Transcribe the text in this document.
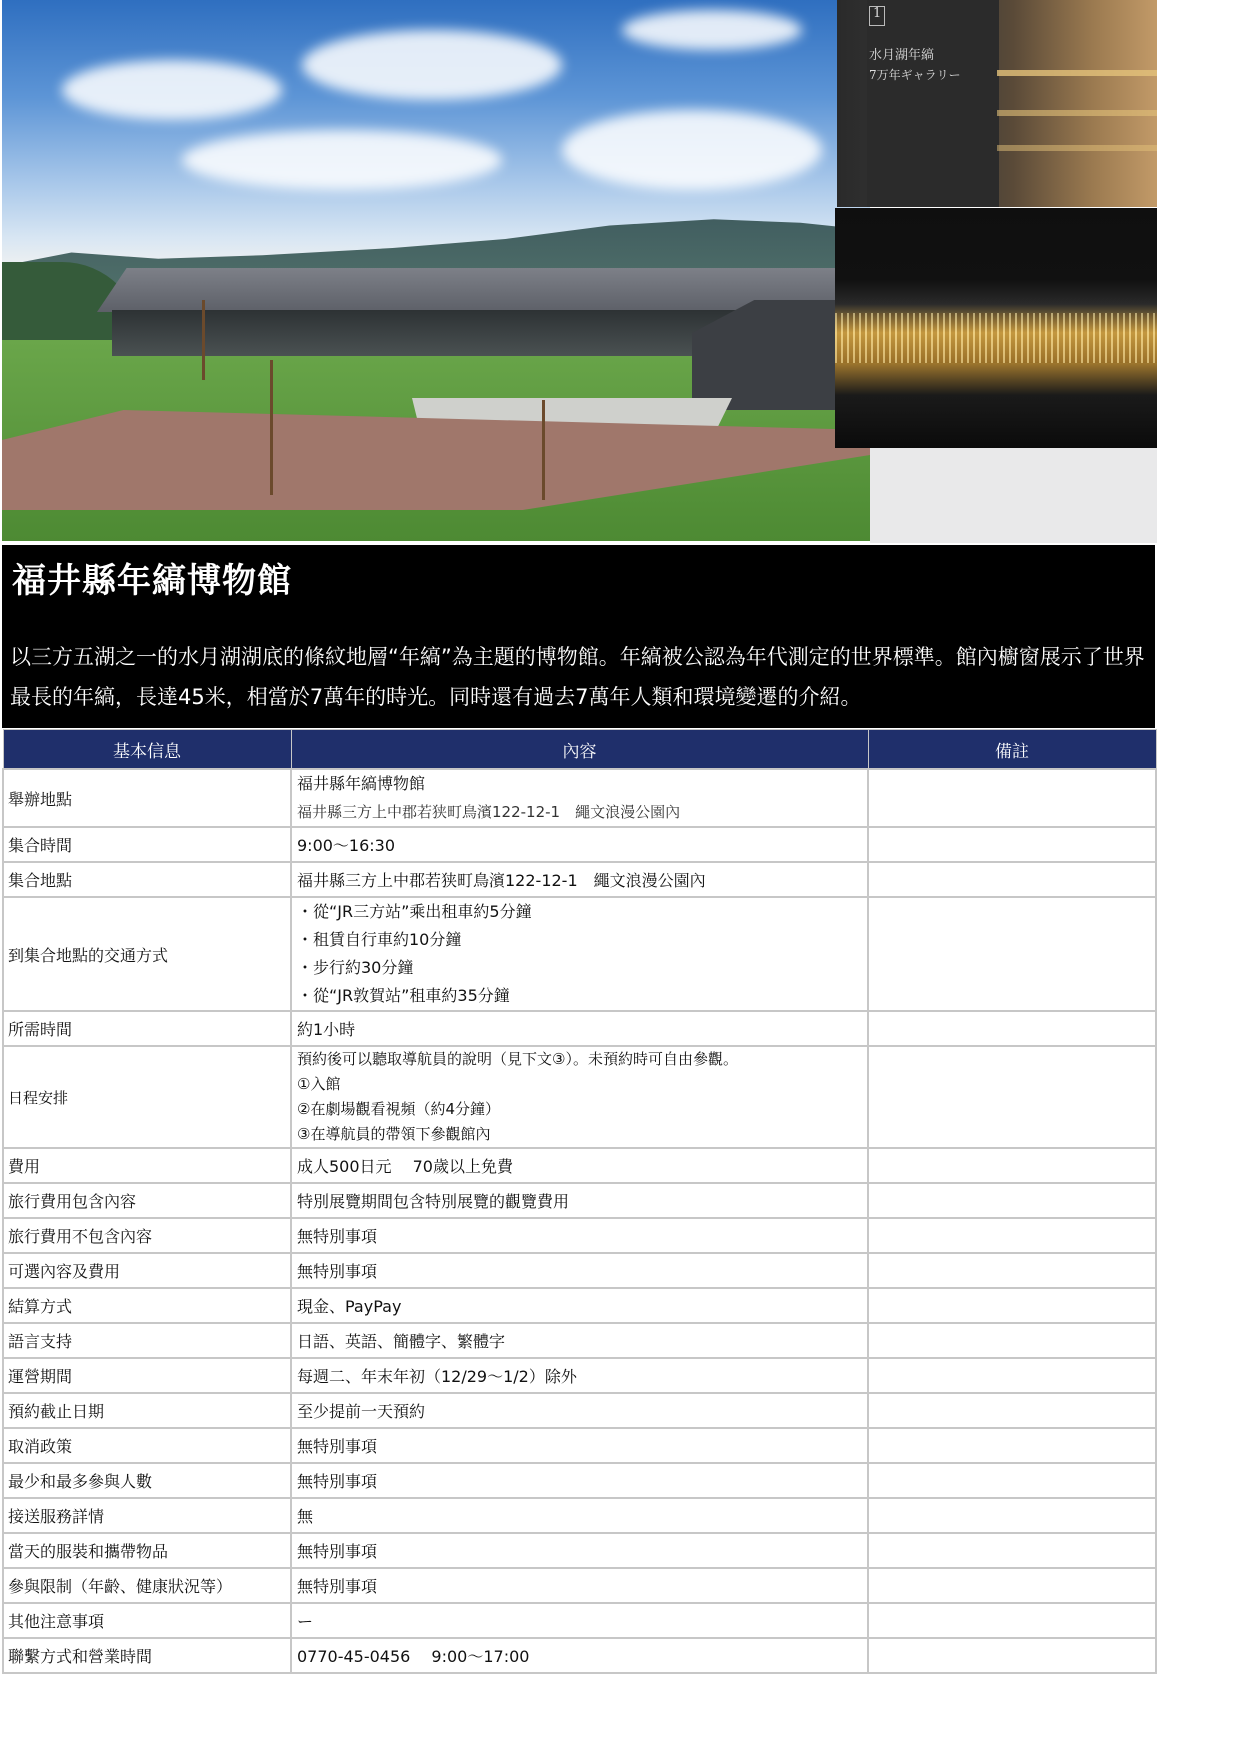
1
水月湖年縞
7万年ギャラリー
福井縣年縞博物館

以三方五湖之一的水月湖湖底的條紋地層“年縞”為主題的博物館。年縞被公認為年代測定的世界標準。館內櫥窗展示了世界最長的年縞，長達45米，相當於7萬年的時光。同時還有過去7萬年人類和環境變遷的介紹。

基本信息	內容	備註
舉辦地點	福井縣年縞博物館
福井縣三方上中郡若狭町鳥濱122-12-1　繩文浪漫公園內	

集合時間	9:00～16:30	
集合地點	福井縣三方上中郡若狭町鳥濱122-12-1　繩文浪漫公園內	
到集合地點的交通方式	・從“JR三方站”乘出租車約5分鐘
・租賃自行車約10分鐘
・步行約30分鐘
・從“JR敦賀站”租車約35分鐘	

所需時間	約1小時	
日程安排	預約後可以聽取導航員的說明（見下文③）。未預約時可自由參觀。
①入館
②在劇場觀看視頻（約4分鐘）
③在導航員的帶領下參觀館內	

費用	成人500日元　 70歲以上免費	
旅行費用包含內容	特別展覽期間包含特別展覽的觀覽費用	
旅行費用不包含內容	無特別事項	
可選內容及費用	無特別事項	
結算方式	現金、PayPay	
語言支持	日語、英語、簡體字、繁體字	
運營期間	每週二、年末年初（12/29～1/2）除外	
預約截止日期	至少提前一天預約	
取消政策	無特別事項	
最少和最多參與人數	無特別事項	
接送服務詳情	無	
當天的服裝和攜帶物品	無特別事項	
參與限制（年齡、健康狀況等）	無特別事項	
其他注意事項	ー	
聯繫方式和營業時間	0770-45-0456　 9:00～17:00	
